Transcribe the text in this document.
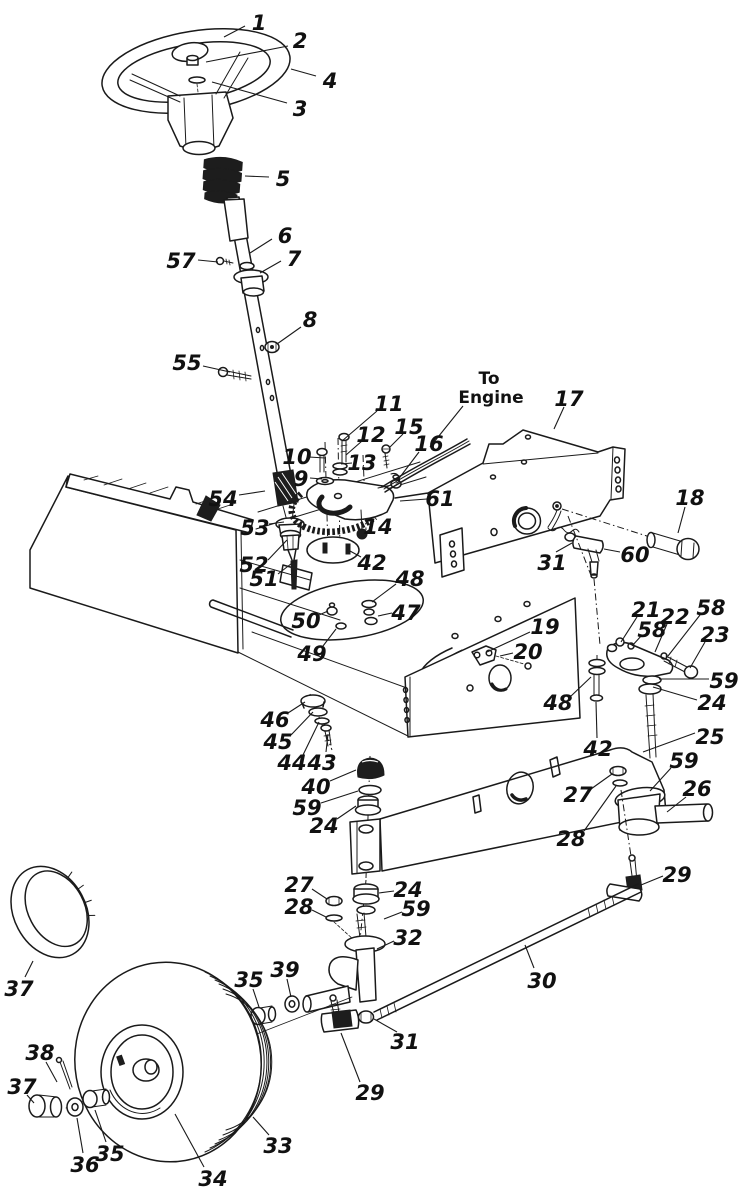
To
Engine
1
2
4
3
5
6
57	7
8
55
11
12 15
16
10 13
9
17
61	18
54
53
60
31
52
51
14
42
48
47
50
49
19
20
21
58
22 58
23
59
24
48
42	25
27
28
59
26
29
46
45
44 43
40
59
24
27
28
24
59
32
39
35	30
31
29
37
38
37
36
35
34
33
